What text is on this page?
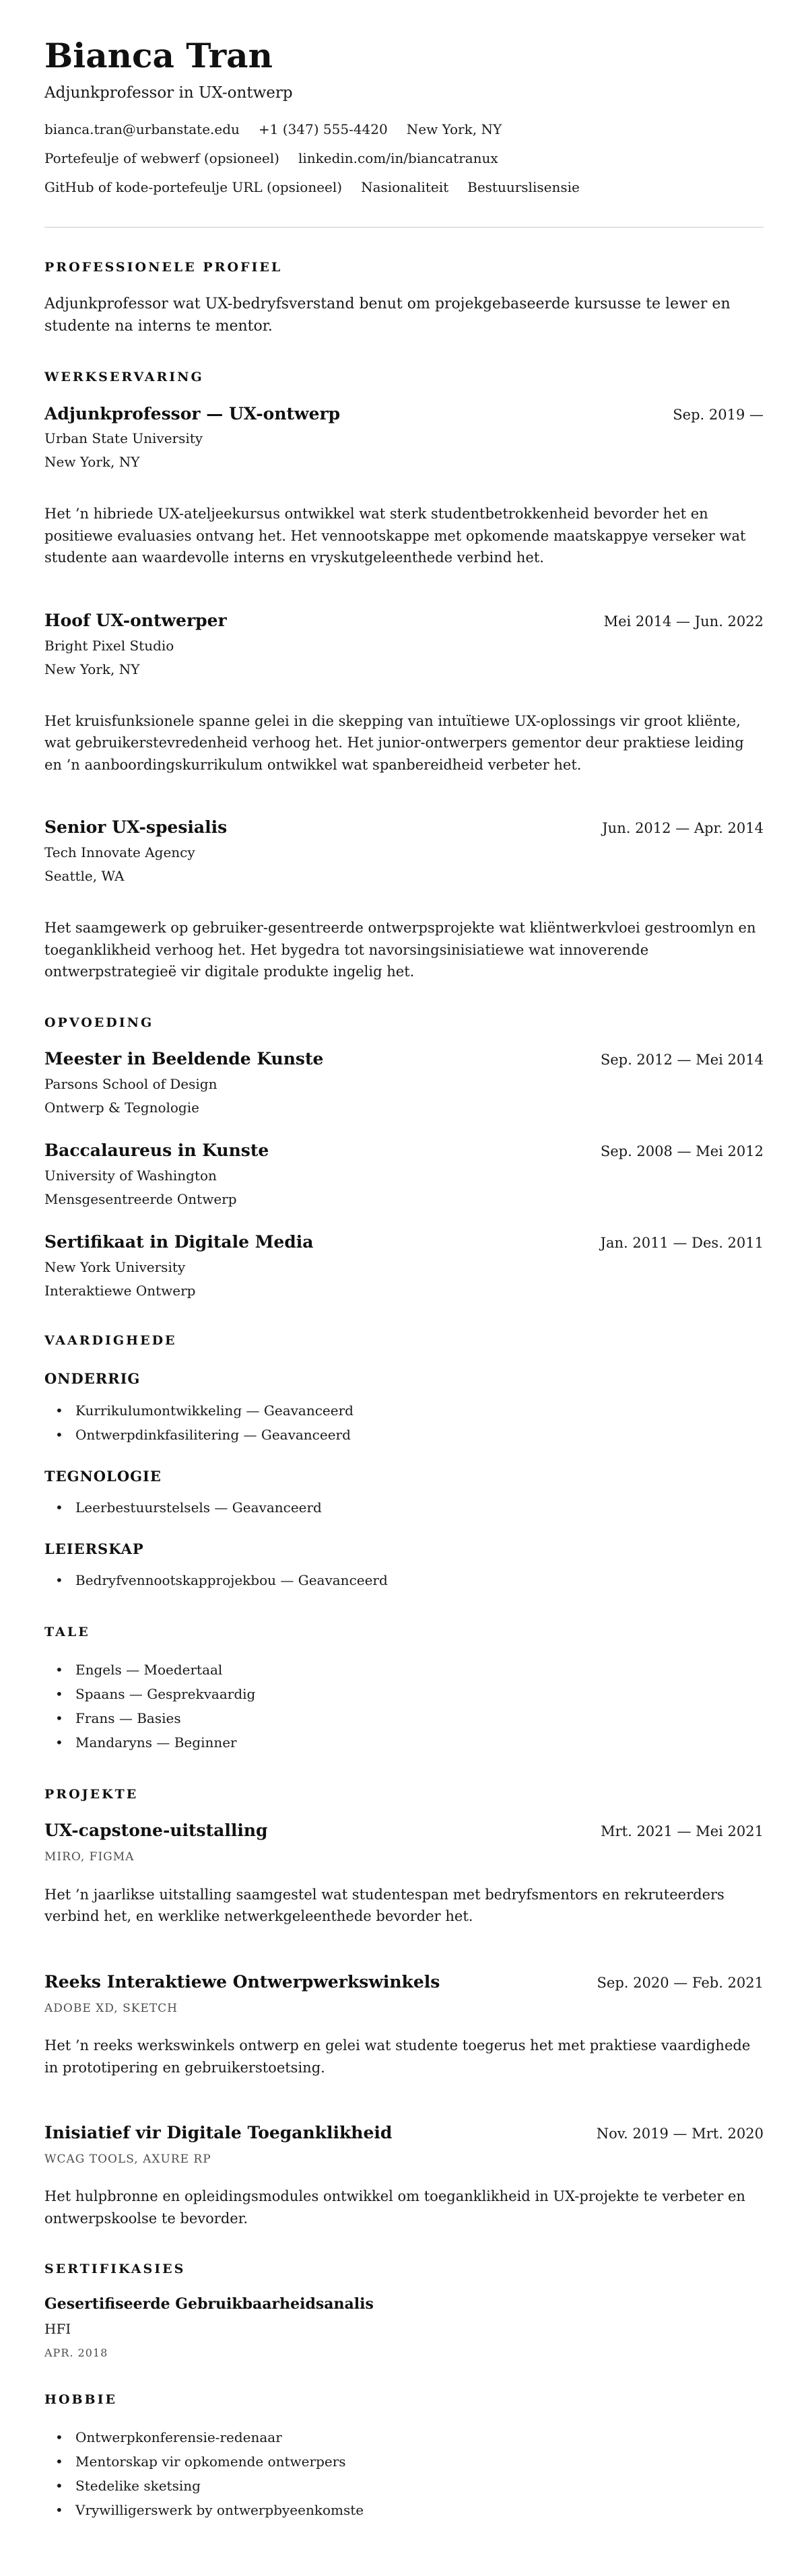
Bianca Tran

Adjunkprofessor in UX-ontwerp

bianca.tran@urbanstate.edu +1 (347) 555-4420 New York, NY
Portefeulje of webwerf (opsioneel) linkedin.com/in/biancatranux
GitHub of kode-portefeulje URL (opsioneel) Nasionaliteit Bestuurslisensie
PROFESSIONELE PROFIEL

Adjunkprofessor wat UX-bedryfsverstand benut om projekgebaseerde kursusse te lewer en studente na interns te mentor.

WERKSERVARING
Adjunkprofessor — UX-ontwerp	Sep. 2019 —

Urban State University

New York, NY

Het ’n hibriede UX-ateljeekursus ontwikkel wat sterk studentbetrokkenheid bevorder het en positiewe evaluasies ontvang het. Het vennootskappe met opkomende maatskappye verseker wat studente aan waardevolle interns en vryskutgeleenthede verbind het.

Hoof UX-ontwerper	Mei 2014 — Jun. 2022

Bright Pixel Studio

New York, NY

Het kruisfunksionele spanne gelei in die skepping van intuïtiewe UX-oplossings vir groot kliënte, wat gebruikerstevredenheid verhoog het. Het junior-ontwerpers gementor deur praktiese leiding en ’n aanboordingskurrikulum ontwikkel wat spanbereidheid verbeter het.

Senior UX-spesialis	Jun. 2012 — Apr. 2014

Tech Innovate Agency

Seattle, WA

Het saamgewerk op gebruiker-gesentreerde ontwerpsprojekte wat kliëntwerkvloei gestroomlyn en toeganklikheid verhoog het. Het bygedra tot navorsingsinisiatiewe wat innoverende ontwerpstrategieë vir digitale produkte ingelig het.

OPVOEDING
Meester in Beeldende Kunste	Sep. 2012 — Mei 2014

Parsons School of Design

Ontwerp & Tegnologie

Baccalaureus in Kunste	Sep. 2008 — Mei 2012

University of Washington

Mensgesentreerde Ontwerp

Sertifikaat in Digitale Media	Jan. 2011 — Des. 2011

New York University

Interaktiewe Ontwerp

VAARDIGHEDE
ONDERRIG
• Kurrikulumontwikkeling — Geavanceerd
• Ontwerpdinkfasilitering — Geavanceerd
TEGNOLOGIE
• Leerbestuurstelsels — Geavanceerd
LEIERSKAP
• Bedryfvennootskapprojekbou — Geavanceerd
TALE
• Engels — Moedertaal
• Spaans — Gesprekvaardig
• Frans — Basies
• Mandaryns — Beginner
PROJEKTE
UX-capstone-uitstalling	Mrt. 2021 — Mei 2021

MIRO, FIGMA

Het ’n jaarlikse uitstalling saamgestel wat studentespan met bedryfsmentors en rekruteerders verbind het, en werklike netwerkgeleenthede bevorder het.

Reeks Interaktiewe Ontwerpwerkswinkels	Sep. 2020 — Feb. 2021

ADOBE XD, SKETCH

Het ’n reeks werkswinkels ontwerp en gelei wat studente toegerus het met praktiese vaardighede in prototipering en gebruikerstoetsing.

Inisiatief vir Digitale Toeganklikheid	Nov. 2019 — Mrt. 2020

WCAG TOOLS, AXURE RP

Het hulpbronne en opleidingsmodules ontwikkel om toeganklikheid in UX-projekte te verbeter en ontwerpskoolse te bevorder.

SERTIFIKASIES
Gesertifiseerde Gebruikbaarheidsanalis

HFI

APR. 2018

HOBBIE
• Ontwerpkonferensie-redenaar
• Mentorskap vir opkomende ontwerpers
• Stedelike sketsing
• Vrywilligerswerk by ontwerpbyeenkomste
